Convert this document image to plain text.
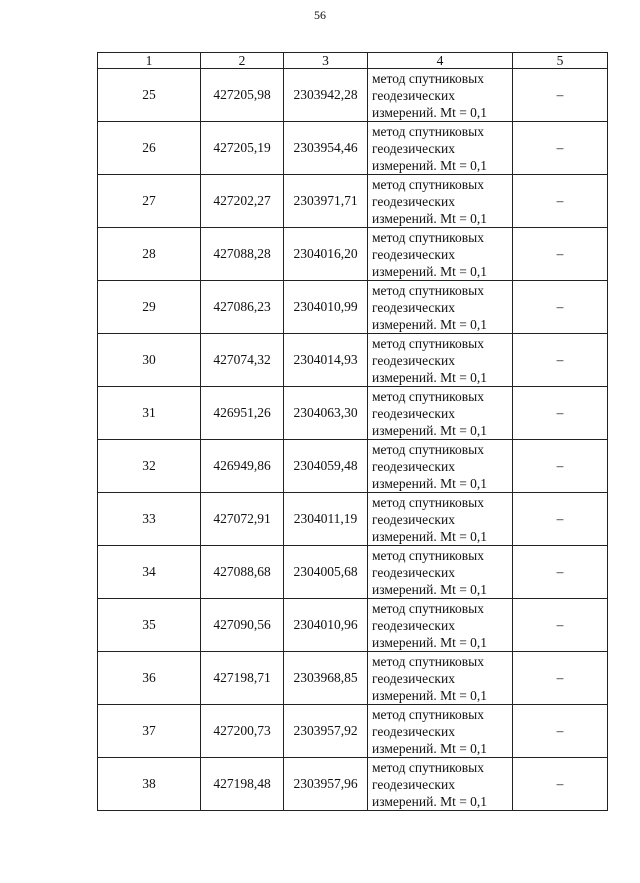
56
1	2	3	4	5
25	427205,98	2303942,28	метод спутниковых
геодезических
измерений. Mt = 0,1	–
26	427205,19	2303954,46	метод спутниковых
геодезических
измерений. Mt = 0,1	–
27	427202,27	2303971,71	метод спутниковых
геодезических
измерений. Mt = 0,1	–
28	427088,28	2304016,20	метод спутниковых
геодезических
измерений. Mt = 0,1	–
29	427086,23	2304010,99	метод спутниковых
геодезических
измерений. Mt = 0,1	–
30	427074,32	2304014,93	метод спутниковых
геодезических
измерений. Mt = 0,1	–
31	426951,26	2304063,30	метод спутниковых
геодезических
измерений. Mt = 0,1	–
32	426949,86	2304059,48	метод спутниковых
геодезических
измерений. Mt = 0,1	–
33	427072,91	2304011,19	метод спутниковых
геодезических
измерений. Mt = 0,1	–
34	427088,68	2304005,68	метод спутниковых
геодезических
измерений. Mt = 0,1	–
35	427090,56	2304010,96	метод спутниковых
геодезических
измерений. Mt = 0,1	–
36	427198,71	2303968,85	метод спутниковых
геодезических
измерений. Mt = 0,1	–
37	427200,73	2303957,92	метод спутниковых
геодезических
измерений. Mt = 0,1	–
38	427198,48	2303957,96	метод спутниковых
геодезических
измерений. Mt = 0,1	–
